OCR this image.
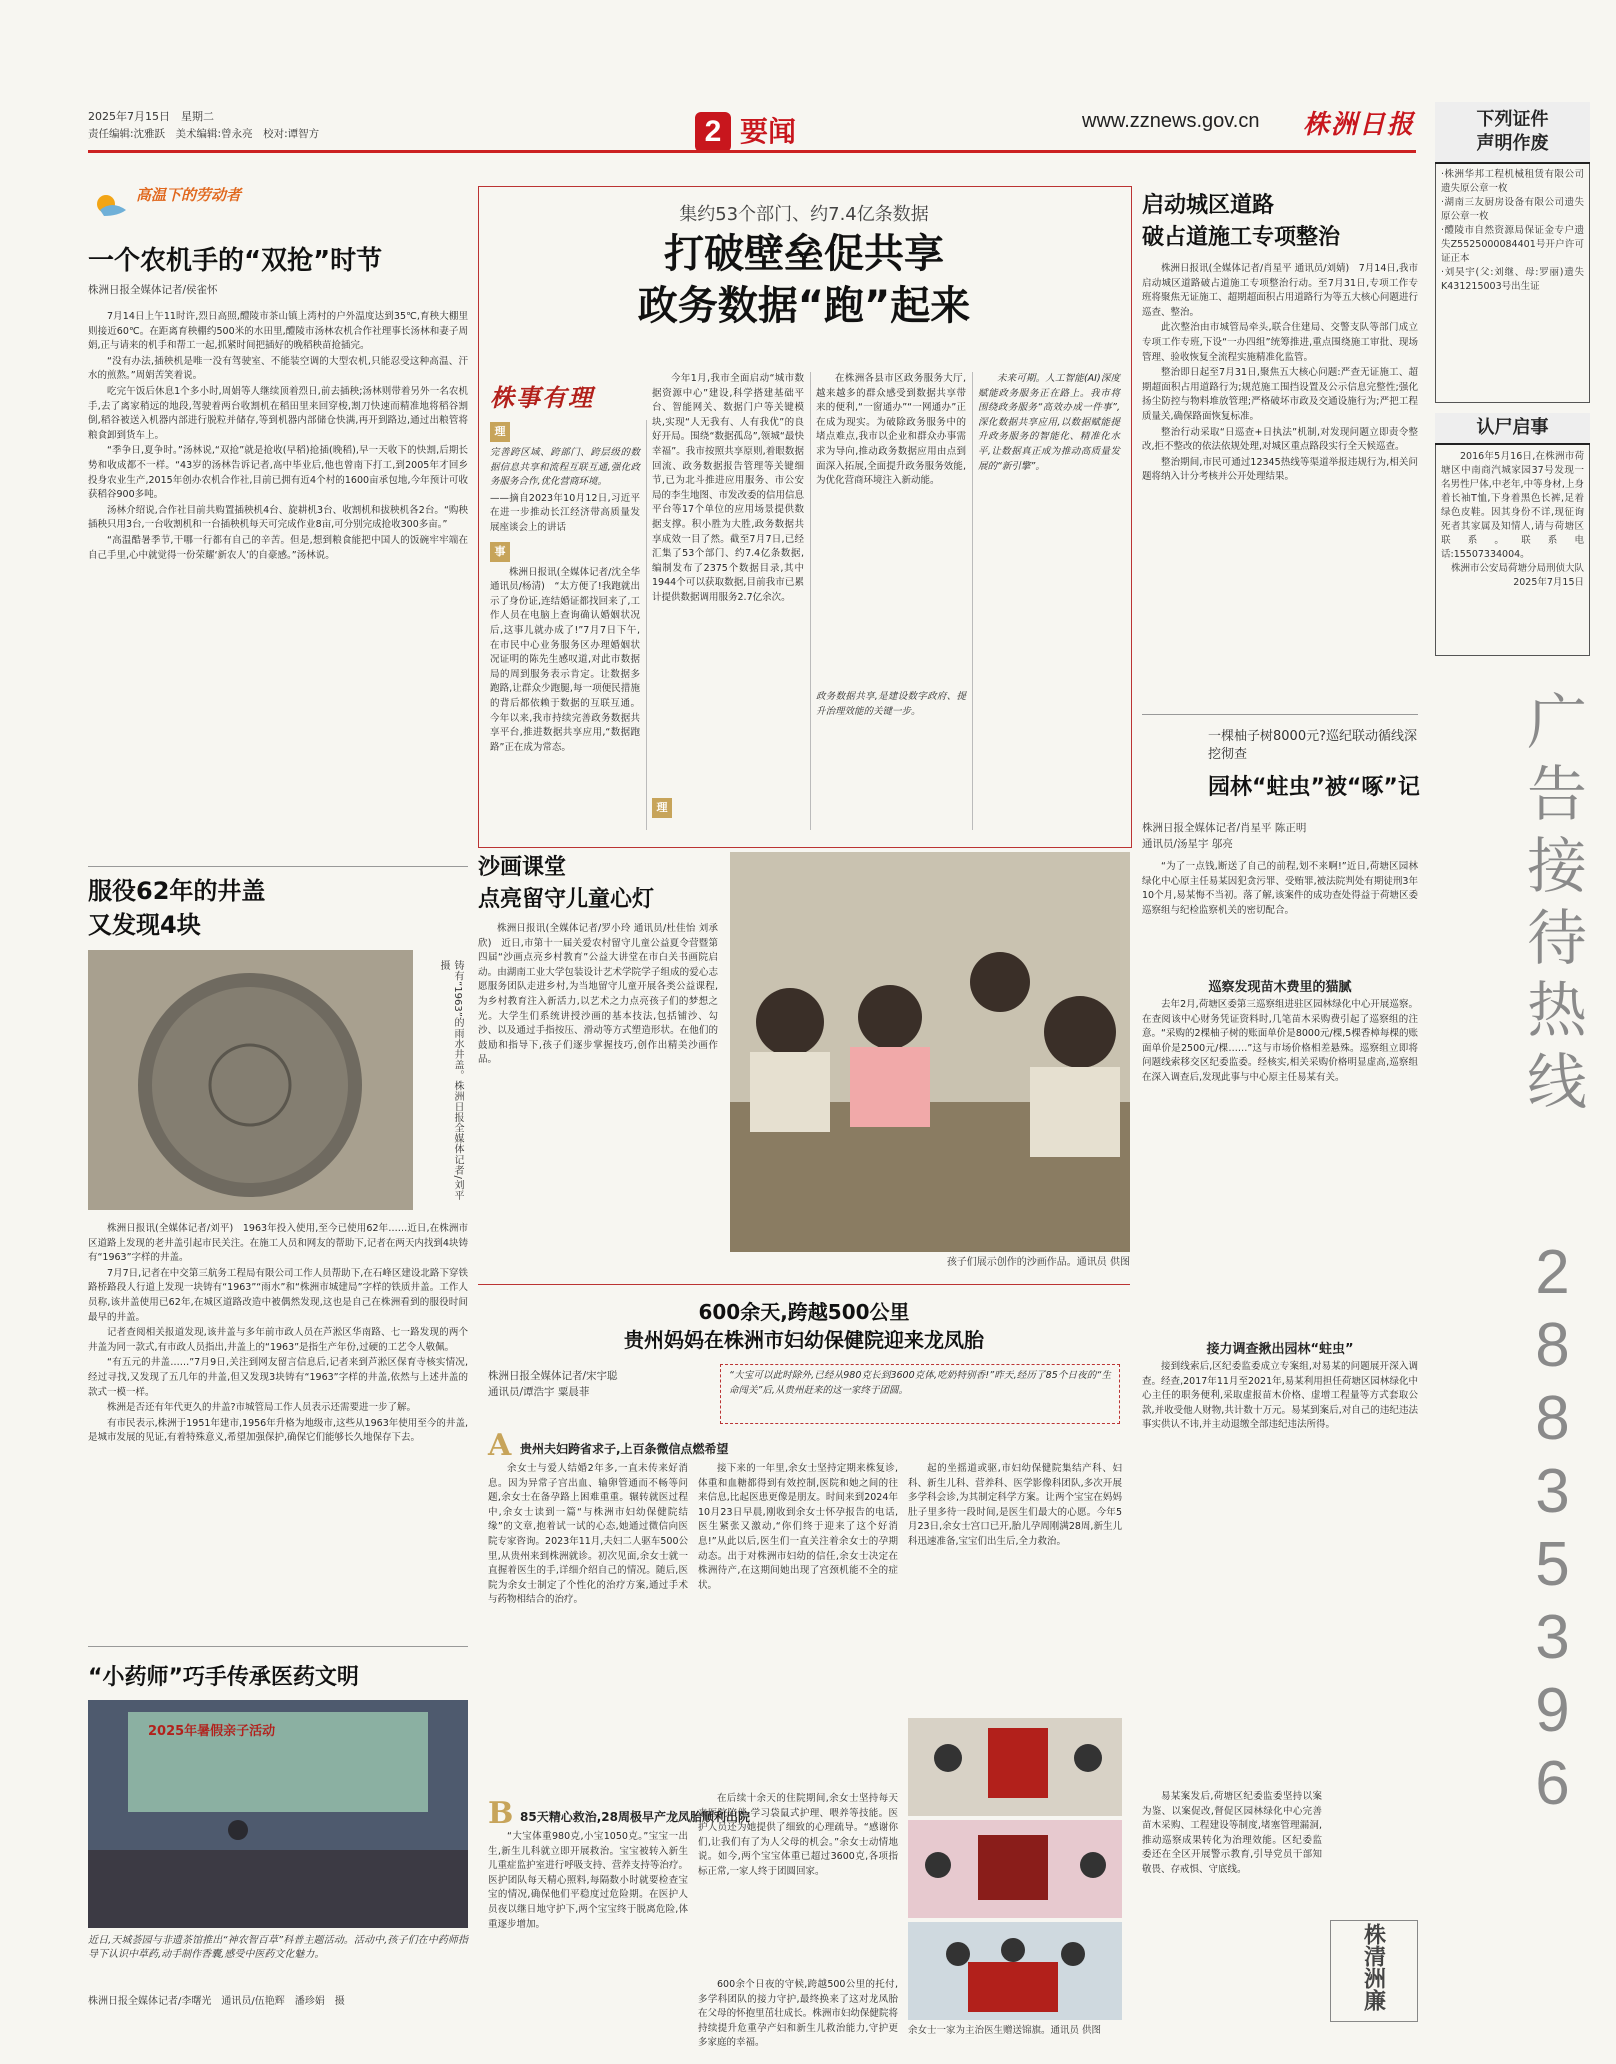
2025年7月15日　星期二
责任编辑:沈雅跃　美术编辑:曾永亮　校对:谭智方	2 要闻	www.zznews.gov.cn 株洲日报	下列证件
声明作废
·株洲华邦工程机械租赁有限公司遗失原公章一枚
·湖南三友厨房设备有限公司遗失原公章一枚
·醴陵市自然资源局保证金专户遗失Z5525000084401号开户许可证正本
·刘昊宇(父:刘继、母:罗丽)遗失K431215003号出生证
认尸启事
2016年5月16日,在株洲市荷塘区中南商汽城家园37号发现一名男性尸体,中老年,中等身材,上身着长袖T恤,下身着黑色长裤,足着绿色皮鞋。因其身份不详,现征询死者其家属及知情人,请与荷塘区联系。联系电话:15507334004。
株洲市公安局荷塘分局刑侦大队
2025年7月15日
广告接待热线
28835396
高温下的劳动者
一个农机手的“双抢”时节
株洲日报全媒体记者/侯雀怀

7月14日上午11时许,烈日高照,醴陵市茶山镇上湾村的户外温度达到35℃,育秧大棚里则接近60℃。在距离育秧棚约500米的水田里,醴陵市汤林农机合作社理事长汤林和妻子周娟,正与请来的机手和帮工一起,抓紧时间把插好的晚稻秧苗抢插完。

“没有办法,插秧机是唯一没有驾驶室、不能装空调的大型农机,只能忍受这种高温、汗水的煎熬。”周娟苦笑着说。

吃完午饭后休息1个多小时,周娟等人继续顶着烈日,前去插秧;汤林则带着另外一名农机手,去了离家稍远的地段,驾驶着两台收割机在稻田里来回穿梭,割刀快速而精准地将稻谷割倒,稻谷被送入机器内部进行脱粒并储存,等到机器内部储仓快满,再开到路边,通过出粮管将粮食卸到货车上。

“季争日,夏争时。”汤林说,“双抢”就是抢收(早稻)抢插(晚稻),早一天收下的快割,后期长势和收成都不一样。“43岁的汤林告诉记者,高中毕业后,他也曾南下打工,到2005年才回乡投身农业生产,2015年创办农机合作社,目前已拥有近4个村的1600亩承包地,今年预计可收获稻谷900多吨。

汤林介绍说,合作社目前共购置插秧机4台、旋耕机3台、收割机和拔秧机各2台。“购秧插秧只用3台,一台收割机和一台插秧机每天可完成作业8亩,可分别完成抢收300多亩。”

“高温酷暑季节,干哪一行都有自己的辛苦。但是,想到粮食能把中国人的饭碗牢牢端在自己手里,心中就觉得一份荣耀‘新农人’的自豪感。”汤林说。

服役62年的井盖
又发现4块
铸有“1963”的雨水井盖。株洲日报全媒体记者/刘平 摄

株洲日报讯(全媒体记者/刘平)　1963年投入使用,至今已使用62年……近日,在株洲市区道路上发现的老井盖引起市民关注。在施工人员和网友的帮助下,记者在两天内找到4块铸有“1963”字样的井盖。

7月7日,记者在中交第三航务工程局有限公司工作人员帮助下,在石峰区建设北路下穿铁路桥路段人行道上发现一块铸有“1963”“雨水”和“株洲市城建局”字样的铁质井盖。工作人员称,该井盖使用已62年,在城区道路改造中被偶然发现,这也是自己在株洲看到的服役时间最早的井盖。

记者查阅相关报道发现,该井盖与多年前市政人员在芦淞区华南路、七一路发现的两个井盖为同一款式,有市政人员指出,井盖上的“1963”是指生产年份,过硬的工艺令人敬佩。

“有五元的井盖……”7月9日,关注到网友留言信息后,记者来到芦淞区保育寺核实情况,经过寻找,又发现了五几年的井盖,但又发现3块铸有“1963”字样的井盖,依然与上述井盖的款式一模一样。

株洲是否还有年代更久的井盖?市城管局工作人员表示还需要进一步了解。

有市民表示,株洲于1951年建市,1956年升格为地级市,这些从1963年使用至今的井盖,是城市发展的见证,有着特殊意义,希望加强保护,确保它们能够长久地保存下去。

“小药师”巧手传承医药文明
2025年暑假亲子活动
近日,天城荟园与非遗茶馆推出“神农智百草”科普主题活动。活动中,孩子们在中药师指导下认识中草药,动手制作香囊,感受中医药文化魅力。
株洲日报全媒体记者/李曙光　通讯员/伍艳辉　潘珍娟　摄
集约53个部门、约7.4亿条数据
打破壁垒促共享
政务数据“跑”起来
株事有理
理
完善跨区域、跨部门、跨层级的数据信息共享和流程互联互通,强化政务服务合作,优化营商环境。
——摘自2023年10月12日,习近平在进一步推动长江经济带高质量发展座谈会上的讲话
事
株洲日报讯(全媒体记者/沈全华 通讯员/杨清)　“太方便了!我跑就出示了身份证,连结婚证都找回来了,工作人员在电脑上查询确认婚姻状况后,这事儿就办成了!”7月7日下午,在市民中心业务服务区办理婚姻状况证明的陈先生感叹道,对此市数据局的周到服务表示肯定。让数据多跑路,让群众少跑腿,每一项便民措施的背后都依赖于数据的互联互通。今年以来,我市持续完善政务数据共享平台,推进数据共享应用,“数据跑路”正在成为常态。
今年1月,我市全面启动“城市数据资源中心”建设,科学搭建基础平台、智能网关、数据门户等关键模块,实现“人无我有、人有我优”的良好开局。围绕“数据孤岛”,领城“最快幸福”。我市按照共享原则,着眼数据回流、政务数据报告管理等关键细节,已为北斗推进应用服务、市公安局的李生地图、市发改委的信用信息平台等17个单位的应用场景提供数据支撑。积小胜为大胜,政务数据共享成效一目了然。截至7月7日,已经汇集了53个部门、约7.4亿条数据,编制发布了2375个数据目录,其中1944个可以获取数据,目前我市已累计提供数据调用服务2.7亿余次。
理
在株洲各县市区政务服务大厅,越来越多的群众感受到数据共享带来的便利,“一窗通办”“一网通办”正在成为现实。为破除政务服务中的堵点难点,我市以企业和群众办事需求为导向,推动政务数据应用由点到面深入拓展,全面提升政务服务效能,为优化营商环境注入新动能。
政务数据共享,是建设数字政府、提升治理效能的关键一步。
未来可期。人工智能(AI)深度赋能政务服务正在路上。我市将围绕政务服务“高效办成一件事”,深化数据共享应用,以数据赋能提升政务服务的智能化、精准化水平,让数据真正成为推动高质量发展的“新引擎”。
沙画课堂
点亮留守儿童心灯
株洲日报讯(全媒体记者/罗小玲 通讯员/杜佳怡 刘承欣)　近日,市第十一届关爱农村留守儿童公益夏令营暨第四届“沙画点亮乡村教育”公益大讲堂在市白关书画院启动。由湖南工业大学包装设计艺术学院学子组成的爱心志愿服务团队走进乡村,为当地留守儿童开展各类公益课程,为乡村教育注入新活力,以艺术之力点亮孩子们的梦想之光。大学生们系统讲授沙画的基本技法,包括铺沙、勾沙、以及通过手指按压、滑动等方式塑造形状。在他们的鼓励和指导下,孩子们逐步掌握技巧,创作出精美沙画作品。
孩子们展示创作的沙画作品。通讯员 供图
600余天,跨越500公里
贵州妈妈在株洲市妇幼保健院迎来龙凤胎
株洲日报全媒体记者/宋宇聪
通讯员/谭浩宇 粟晨菲
“大宝可以此时除外,已经从980克长到3600克体,吃奶特别香!”昨天,经历了85个日夜的“生命闯关”后,从贵州赶来的这一家终于团圆。
A 贵州夫妇跨省求子,上百条微信点燃希望
余女士与爱人结婚2年多,一直未传来好消息。因为异常子宫出血、输卵管通而不畅等问题,余女士在备孕路上困难重重。辗转就医过程中,余女士读到一篇“与株洲市妇幼保健院结缘”的文章,抱着试一试的心态,她通过微信向医院专家咨询。2023年11月,夫妇二人驱车500公里,从贵州来到株洲就诊。初次见面,余女士就一直握着医生的手,详细介绍自己的情况。随后,医院为余女士制定了个性化的治疗方案,通过手术与药物相结合的治疗。
接下来的一年里,余女士坚持定期来株复诊,体重和血糖都得到有效控制,医院和她之间的往来信息,比起医患更像是朋友。时间来到2024年10月23日早晨,刚收到余女士怀孕报告的电话,医生紧张又激动,“你们终于迎来了这个好消息!”从此以后,医生们一直关注着余女士的孕期动态。出于对株洲市妇幼的信任,余女士决定在株洲待产,在这期间她出现了宫颈机能不全的症状。
起的坐摇道或驱,市妇幼保健院集结产科、妇科、新生儿科、营养科、医学影像科团队,多次开展多学科会诊,为其制定科学方案。让两个宝宝在妈妈肚子里多待一段时间,是医生们最大的心愿。今年5月23日,余女士宫口已开,胎儿孕周刚满28周,新生儿科迅速准备,宝宝们出生后,全力救治。
B 85天精心救治,28周极早产龙凤胎顺利出院
“大宝体重980克,小宝1050克。”宝宝一出生,新生儿科就立即开展救治。宝宝被转入新生儿重症监护室进行呼吸支持、营养支持等治疗。医护团队每天精心照料,每隔数小时就要检查宝宝的情况,确保他们平稳度过危险期。在医护人员夜以继日地守护下,两个宝宝终于脱离危险,体重逐步增加。
在后续十余天的住院期间,余女士坚持每天来医院陪伴,学习袋鼠式护理、喂养等技能。医护人员还为她提供了细致的心理疏导。“感谢你们,让我们有了为人父母的机会。”余女士动情地说。如今,两个宝宝体重已超过3600克,各项指标正常,一家人终于团圆回家。
600余个日夜的守候,跨越500公里的托付,多学科团队的接力守护,最终换来了这对龙凤胎在父母的怀抱里茁壮成长。株洲市妇幼保健院将持续提升危重孕产妇和新生儿救治能力,守护更多家庭的幸福。
余女士一家为主治医生赠送锦旗。通讯员 供图
启动城区道路
破占道施工专项整治

株洲日报讯(全媒体记者/肖星平 通讯员/刘婧)　7月14日,我市启动城区道路破占道施工专项整治行动。至7月31日,专项工作专班将聚焦无证施工、超期超面积占用道路行为等五大核心问题进行巡查、整治。

此次整治由市城管局牵头,联合住建局、交警支队等部门成立专项工作专班,下设“一办四组”统筹推进,重点围绕施工审批、现场管理、验收恢复全流程实施精准化监管。

整治即日起至7月31日,聚焦五大核心问题:严查无证施工、超期超面积占用道路行为;规范施工围挡设置及公示信息完整性;强化扬尘防控与物料堆放管理;严格破坏市政及交通设施行为;严把工程质量关,确保路面恢复标准。

整治行动采取“日巡查+日执法”机制,对发现问题立即责令整改,拒不整改的依法依规处理,对城区重点路段实行全天候巡查。

整治期间,市民可通过12345热线等渠道举报违规行为,相关问题将纳入计分考核并公开处理结果。

一棵柚子树8000元?巡纪联动循线深挖彻查
园林“蛀虫”被“啄”记
株洲日报全媒体记者/肖星平 陈正明
通讯员/汤星宇 邬亮
“为了一点钱,断送了自己的前程,划不来啊!”近日,荷塘区园林绿化中心原主任易某因犯贪污罪、受贿罪,被法院判处有期徒刑3年10个月,易某悔不当初。落了解,该案件的成功查处得益于荷塘区委巡察组与纪检监察机关的密切配合。
巡察发现苗木费里的猫腻
去年2月,荷塘区委第三巡察组进驻区园林绿化中心开展巡察。在查阅该中心财务凭证资料时,几笔苗木采购费引起了巡察组的注意。“采购的2棵柚子树的账面单价是8000元/棵,5棵香樟每棵的账面单价是2500元/棵……”这与市场价格相差悬殊。巡察组立即将问题线索移交区纪委监委。经核实,相关采购价格明显虚高,巡察组在深入调查后,发现此事与中心原主任易某有关。
接力调查揪出园林“蛀虫”
接到线索后,区纪委监委成立专案组,对易某的问题展开深入调查。经查,2017年11月至2021年,易某利用担任荷塘区园林绿化中心主任的职务便利,采取虚报苗木价格、虚增工程量等方式套取公款,并收受他人财物,共计数十万元。易某到案后,对自己的违纪违法事实供认不讳,并主动退缴全部违纪违法所得。
易某案发后,荷塘区纪委监委坚持以案为鉴、以案促改,督促区园林绿化中心完善苗木采购、工程建设等制度,堵塞管理漏洞,推动巡察成果转化为治理效能。区纪委监委还在全区开展警示教育,引导党员干部知敬畏、存戒惧、守底线。
株清洲廉
